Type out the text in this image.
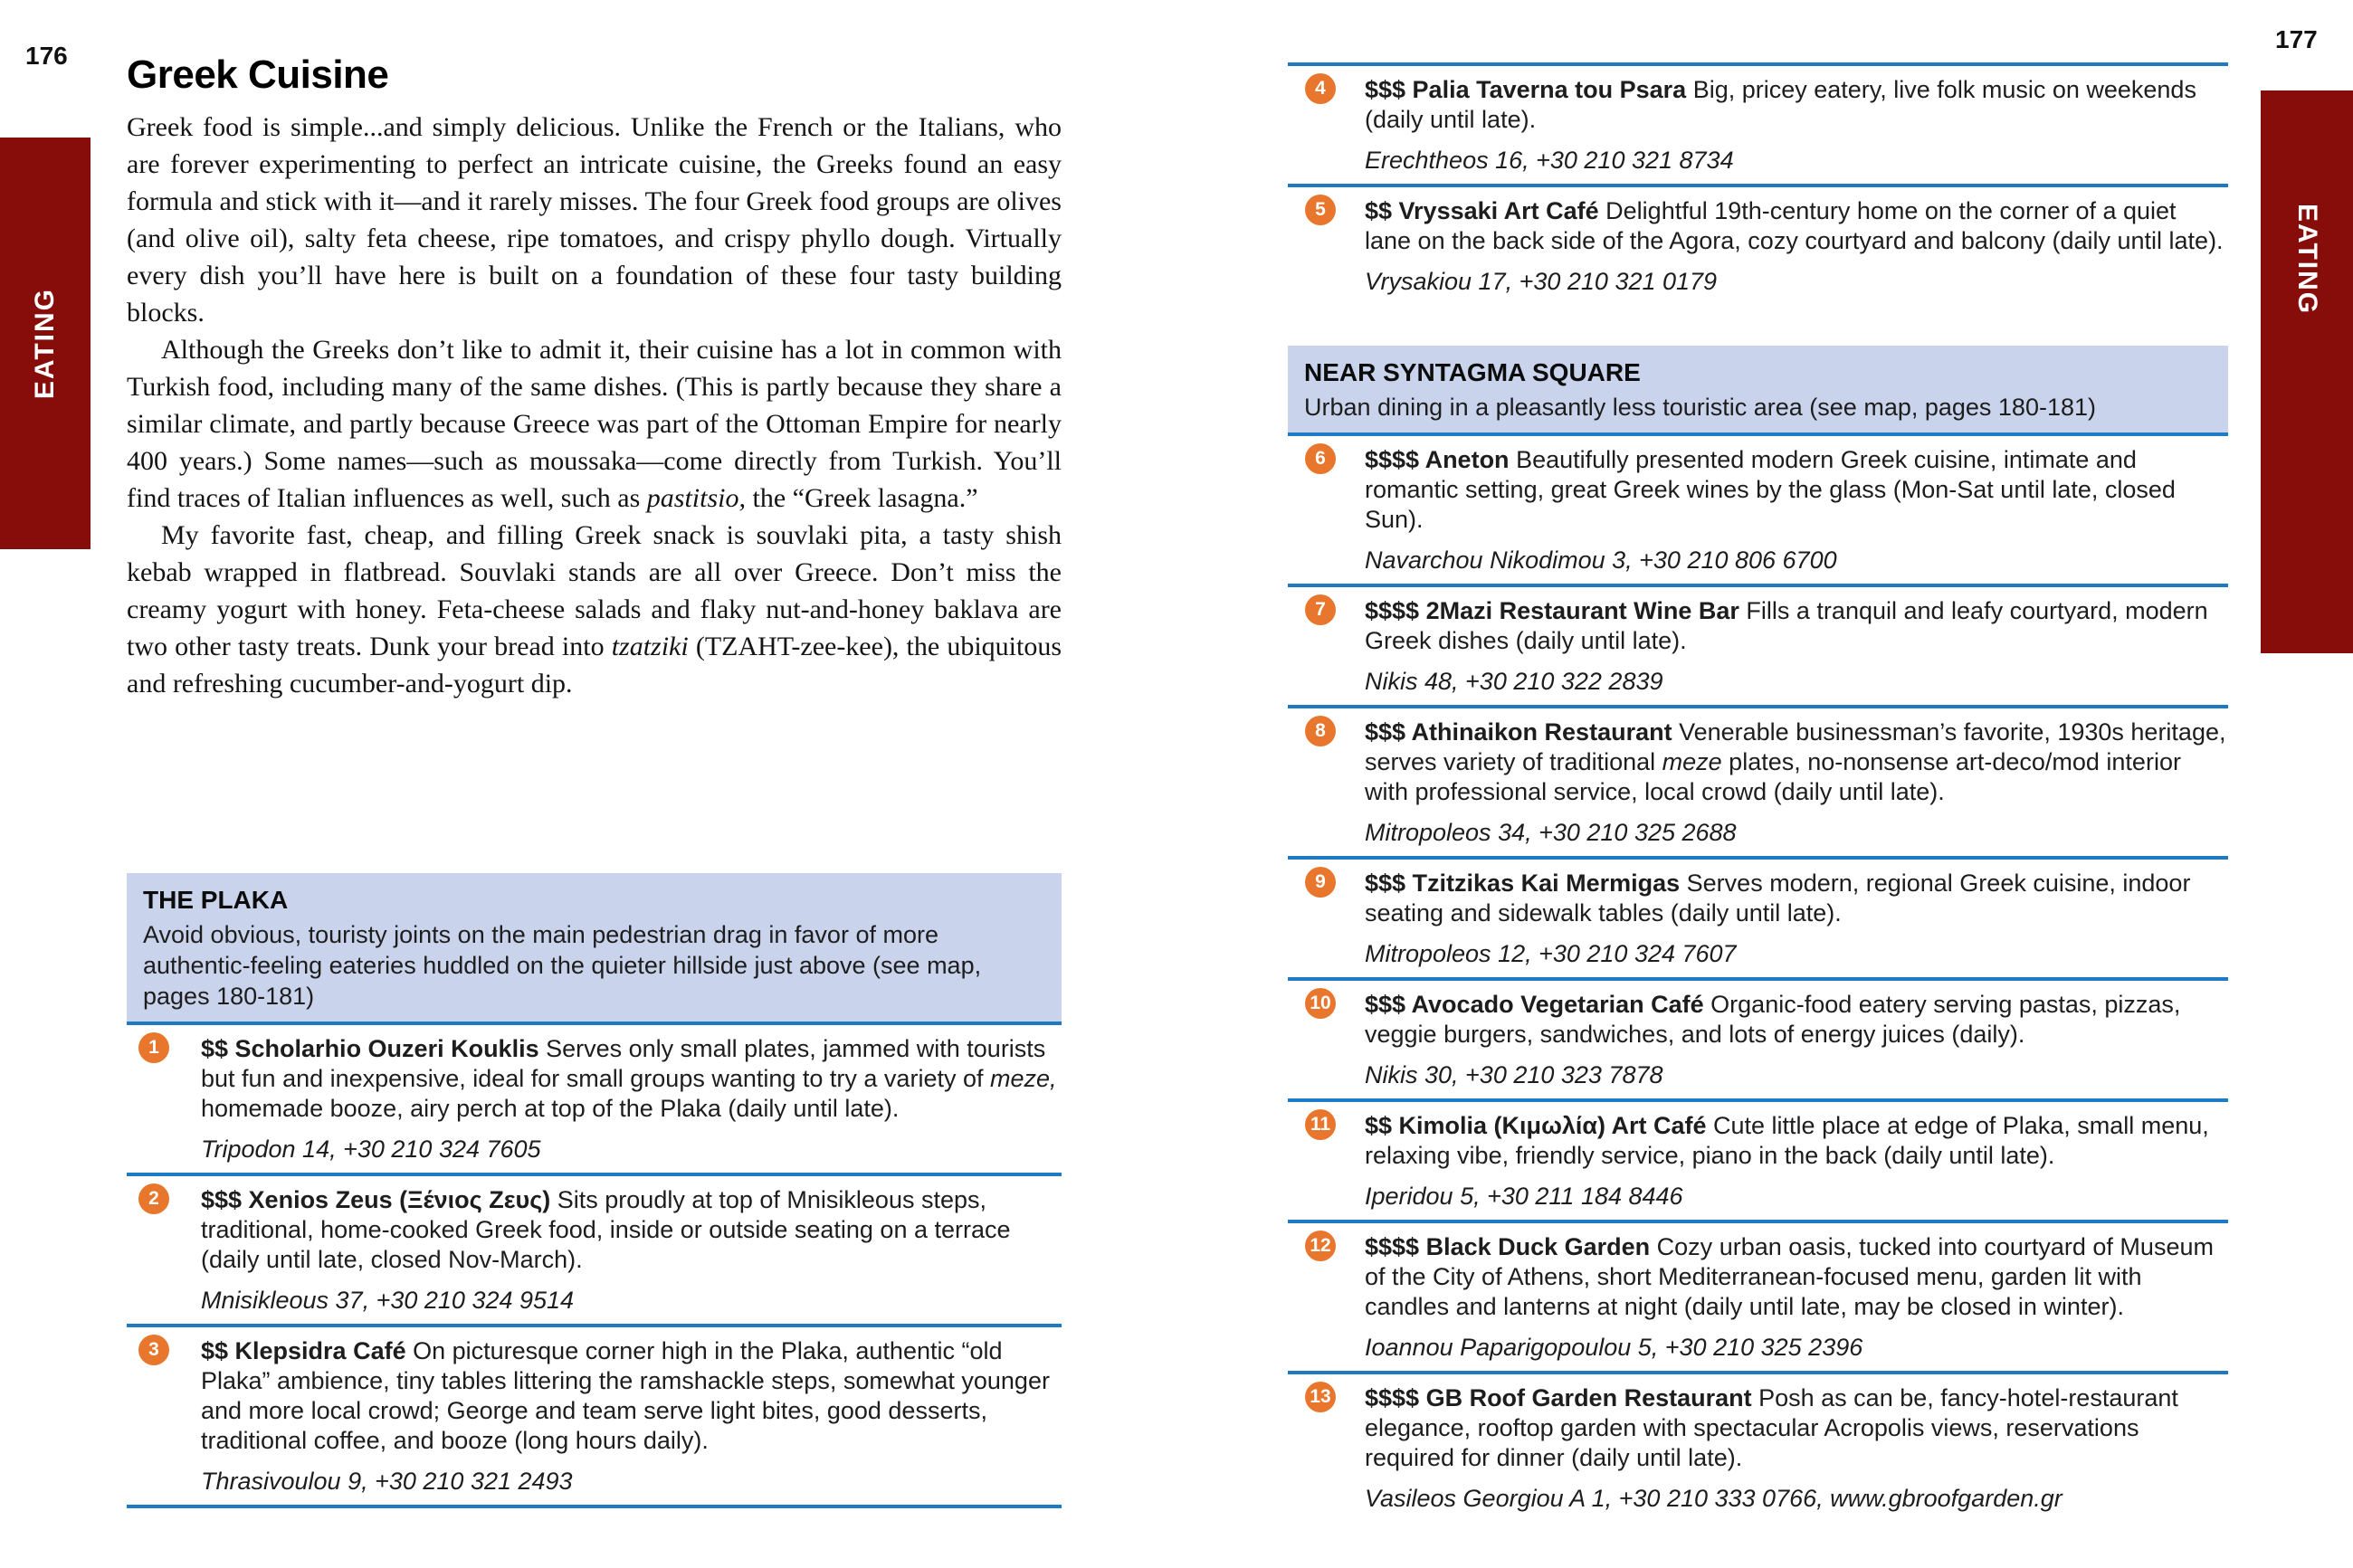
176
177
EATING
EATING
Greek Cuisine

Greek food is simple...and simply delicious. Unlike the French or the Italians, who are forever experimenting to perfect an intricate cuisine, the Greeks found an easy formula and stick with it—and it rarely misses. The four Greek food groups are olives (and olive oil), salty feta cheese, ripe tomatoes, and crispy phyllo dough. Virtually every dish you’ll have here is built on a foundation of these four tasty building blocks.

Although the Greeks don’t like to admit it, their cuisine has a lot in common with Turkish food, including many of the same dishes. (This is partly because they share a similar climate, and partly because Greece was part of the Ottoman Empire for nearly 400 years.) Some names—such as moussaka—come directly from Turkish. You’ll find traces of Italian influences as well, such as pastitsio, the “Greek lasagna.”

My favorite fast, cheap, and filling Greek snack is souvlaki pita, a tasty shish kebab wrapped in flatbread. Souvlaki stands are all over Greece. Don’t miss the creamy yogurt with honey. Feta-cheese salads and flaky nut-and-honey baklava are two other tasty treats. Dunk your bread into tzatziki (TZAHT-zee-kee), the ubiquitous and refreshing cucumber-and-yogurt dip.

THE PLAKA
Avoid obvious, touristy joints on the main pedestrian drag in favor of more authentic-feeling eateries huddled on the quieter hillside just above (see map, pages 180-181)
1	$$ Scholarhio Ouzeri Kouklis Serves only small plates, jammed with tourists but fun and inexpensive, ideal for small groups wanting to try a variety of meze, homemade booze, airy perch at top of the Plaka (daily until late).

Tripodon 14, +30 210 324 7605

2	$$$ Xenios Zeus (Ξένιος Ζευς) Sits proudly at top of Mnisikleous steps, traditional, home-cooked Greek food, inside or outside seating on a terrace (daily until late, closed Nov-March).

Mnisikleous 37, +30 210 324 9514

3	$$ Klepsidra Café On picturesque corner high in the Plaka, authentic “old Plaka” ambience, tiny tables littering the ramshackle steps, somewhat younger and more local crowd; George and team serve light bites, good desserts, traditional coffee, and booze (long hours daily).

Thrasivoulou 9, +30 210 321 2493

4	$$$ Palia Taverna tou Psara Big, pricey eatery, live folk music on weekends (daily until late).

Erechtheos 16, +30 210 321 8734

5	$$ Vryssaki Art Café Delightful 19th-century home on the corner of a quiet lane on the back side of the Agora, cozy courtyard and balcony (daily until late).

Vrysakiou 17, +30 210 321 0179

NEAR SYNTAGMA SQUARE
Urban dining in a pleasantly less touristic area (see map, pages 180-181)
6	$$$$ Aneton Beautifully presented modern Greek cuisine, intimate and romantic setting, great Greek wines by the glass (Mon-Sat until late, closed Sun).

Navarchou Nikodimou 3, +30 210 806 6700

7	$$$$ 2Mazi Restaurant Wine Bar Fills a tranquil and leafy courtyard, modern Greek dishes (daily until late).

Nikis 48, +30 210 322 2839

8	$$$ Athinaikon Restaurant Venerable businessman’s favorite, 1930s heritage, serves variety of traditional meze plates, no-nonsense art-deco/mod interior with professional service, local crowd (daily until late).

Mitropoleos 34, +30 210 325 2688

9	$$$ Tzitzikas Kai Mermigas Serves modern, regional Greek cuisine, indoor seating and sidewalk tables (daily until late).

Mitropoleos 12, +30 210 324 7607

10 $$$ Avocado Vegetarian Café Organic-food eatery serving pastas, pizzas, veggie burgers, sandwiches, and lots of energy juices (daily).

Nikis 30, +30 210 323 7878

11 $$ Kimolia (Κιμωλία) Art Café Cute little place at edge of Plaka, small menu, relaxing vibe, friendly service, piano in the back (daily until late).

Iperidou 5, +30 211 184 8446

12 $$$$ Black Duck Garden Cozy urban oasis, tucked into courtyard of Museum of the City of Athens, short Mediterranean-focused menu, garden lit with candles and lanterns at night (daily until late, may be closed in winter).

Ioannou Paparigopoulou 5, +30 210 325 2396

13 $$$$ GB Roof Garden Restaurant Posh as can be, fancy-hotel-restaurant elegance, rooftop garden with spectacular Acropolis views, reservations required for dinner (daily until late).

Vasileos Georgiou A 1, +30 210 333 0766, www.gbroofgarden.gr
